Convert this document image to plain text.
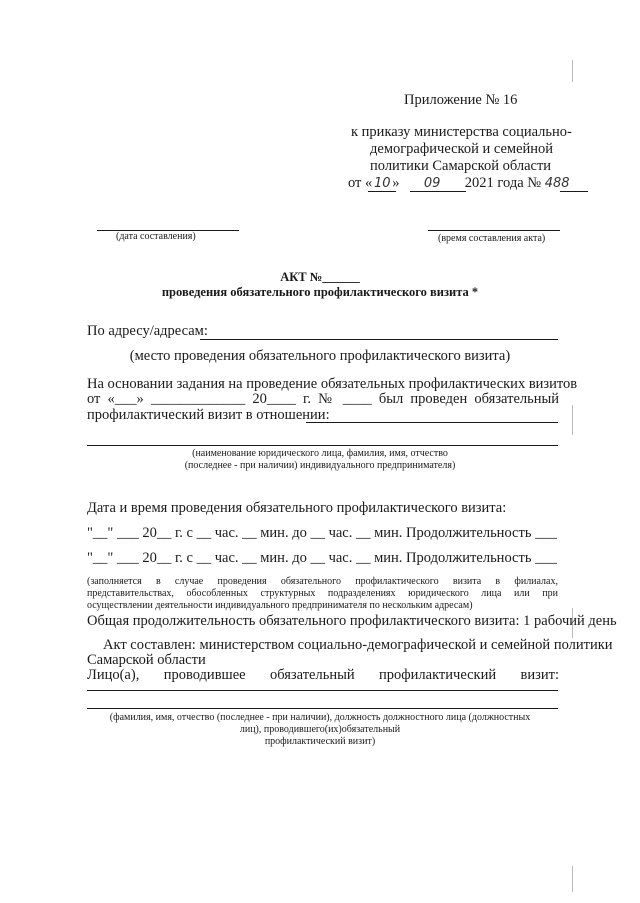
Приложение № 16
к приказу министерства социально-
демографической и семейной
политики Самарской области
от « 10 » 09 2021 года № 488
(дата составления)	(время составления акта)
АКТ №______
проведения обязательного профилактического визита *
По адресу/адресам:
(место проведения обязательного профилактического визита)
На основании задания на проведение обязательных профилактических визитов
от «___» _____________ 20____ г. № ____ был проведен обязательный
профилактический визит в отношении:
(наименование юридического лица, фамилия, имя, отчество
(последнее - при наличии) индивидуального предпринимателя)
Дата и время проведения обязательного профилактического визита:
"__" ___ 20__ г. с __ час. __ мин. до __ час. __ мин. Продолжительность ___
"__" ___ 20__ г. с __ час. __ мин. до __ час. __ мин. Продолжительность ___
(заполняется в случае проведения обязательного профилактического визита в филиалах,
представительствах, обособленных структурных подразделениях юридического лица или при
осуществлении деятельности индивидуального предпринимателя по нескольким адресам)
Общая продолжительность обязательного профилактического визита: 1 рабочий день
Акт составлен: министерством социально-демографической и семейной политики
Самарской области
Лицо(а), проводившее обязательный профилактический визит:
(фамилия, имя, отчество (последнее - при наличии), должность должностного лица (должностных
лиц), проводившего(их)обязательный
профилактический визит)
